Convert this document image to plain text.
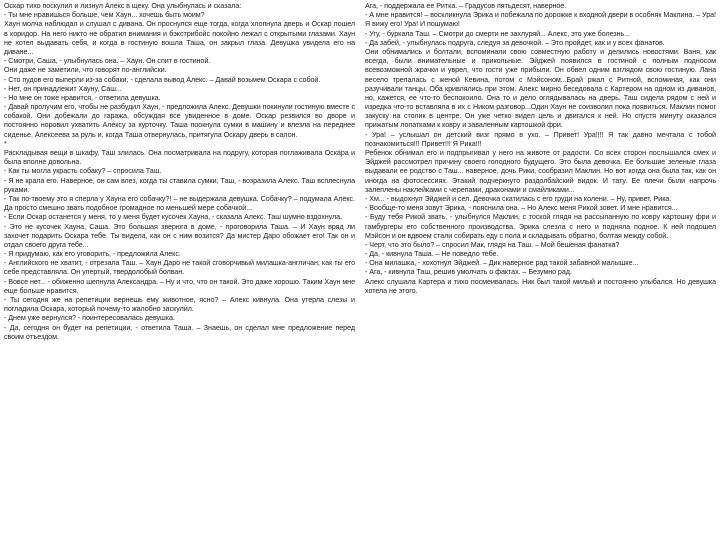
Оскар тихо поскулил и лизнул Алекс в щеку. Она улыбнулась и сказала:

- Ты мне нравишься больше, чем Хаун... хочешь быть моим?

Хаун молча наблюдал и слушал с дивана. Он проснулся еще тогда, когда хлопнула дверь и Оскар пошел в коридор. На него никто не обратил внимания и бэкстрибойс покойно лежал с открытыми глазами. Хаун не хотел выдавать себя, и когда в гостиную вошла Таша, он закрыл глаза. Девушка увидела его на диване...

- Смотри, Саша, - улыбнулась она. – Хаун. Он спит в гостиной.

Они даже не заметили, что говорят по-английски.

- Сто пудов его выперли из-за собаки, - сделала вывод Алекс. – Давай возьмем Оскара с собой.

- Нет, он принадлежит Хауну, Саш...

- Но мне он тоже нравится, - ответила девушка.

- Давай пролучим его, чтобы не разбудил Хаун, - предложила Алекс. Девушки покинули гостиную вместе с собакой. Они добежали до гаража, обсуждая все увиденное в доме. Оскар резвился во дворе и постоянно норовил ухватить Алексу за курточку. Таша поокнула сумки в машину и влезла на переднее сиденье. Алексеева за руль и, когда Таша отвернулась, притягула Оскару дверь в салон.

*

Раскладывая вещи в шкафу, Таш злилась. Она посматривала на подругу, которая поглаживала Оскара и была вполне довольна.

- Как ты могла украсть собаку? – спросила Таш.

- Я не крала его. Наверное, он сам влез, когда ты ставила сумки, Таш, - возразила Алекс. Таш всплеснула руками.

- Так по-твоему это я сперла у Хауна его собачку?! – не выдержала девушка. Собачку? – подумала Алекс. Да просто смешно звать подобное громадное по меньшей мере собачкой...

- Если Оскар останется у меня, то у меня будет кусочек Хауна, - сказала Алекс. Таш шумно вздохнула.

- Это не кусочек Хауна, Саша. Это большая зверюга в доме, - проговорила Таша. – И Хаун вряд ли захочет подарить Оскара тебе. Ты видела, как он с ним возится? Да мистер Даро обожает его! Так он и отдал своего друга тебе...

- Я придумаю, как его уговорить, - предложила Алекс.

- Английского не хватит, - отрезала Таш. – Хаун Даро не такой сговорчивый милашка-англичан, как ты его себе представляла. Он упертый, твердолобый болван.

- Вовсе нет... - обиженно шепнула Александра. – Ну и что, что он такой. Это даже хорошо. Таким Хаун мне еще больше нравится.

- Ты сегодня же на репетиции вернешь ему животное, ясно? – Алекс кивнула. Она утерла слезы и погладила Оскара, который почему-то жалобно заскулил.

- Днем уже вернулся? - поинтересовалась девушка.

- Да, сегодня он будет на репетиции, - ответила Таша. – Знаешь, он сделал мне предложение перед своим отъездом.

Ага, - поддержала ее Ритка. – Градусов пятьдесят, наверное.

- А мне нравится! – воскликнула Эрика и побежала по дорожке к входной двери в особняк Маклина. – Ура! Я вижу его! Ура! И пошумаю!

- Угу, - буркала Таш. – Смотри до смерти не захлуряй... Алекс, это уже болезнь...

- Да забей, - улыбнулась подруга, следуя за девочкой. – Это пройдет, как и у всех фанатов.

Они обнимались и болтали, вспоминали свою совместную работу и делились новостями. Ваня, как всегда, были внимательные и прикольные. Эйджей появился в гостиной с полным подносом всевозможной жрачки и уврел, что гости уже прибыли. Он обвел одним взглядом свою гостиную. Лана весело трепалась с женой Кевина, потом с Мэйсоном...Брай ржал с Ритной, вспоминая, как они разучивали танцы. Оба кривлялись при этом. Алекс мирно беседовала с Картером на одном из диванов, но, кажется, ее что-то беспокоило. Она то и дело оглядывалась на дверь. Таш сидела рядом с ней и изредка что-то вставляла в их с Ником разговор...Один Хаун не соизволил пока появиться. Маклин помог закуску на столик в центре. Он уже четко видел цель и двигался к ней. Но спустя минуту оказался прижатым лопатками к ковру и заваленным картошкой фри.

- Ура! – услышал он детский визг прямо в ухо. – Привет! Ура!!!! Я так давно мечтала с тобой познакомиться!!! Привет!!! Я Рика!!!

Ребенок обнимал его и подпрыгивал у него на животе от радости. Со всех сторон послышался смех и Эйджей рассмотрел причину своего голодного будущего. Это была девочка. Ее большие зеленые глаза выдавали ее родство с Таш... наверное, дочь Рики, сообразил Маклин. Но вот когда она была так, как он иногда на фотосессиях. Этакий подчеркнуто раздолбайский видок. И тату. Ее плечи были напрочь залеплены наклейками с черепами, драконами и смайликами...

- Хм... - выдохнул Эйджей и сел. Девочка скатилась с его груди на колени. – Ну, привет, Рика.

- Вообще-то меня зовут Эрика, - пояснила она. – Но Алекс меня Рикой зовет. И мне нравится...

- Буду тебя Рикой звать, - улыбнулся Маклин, с тоской глядя на рассыпанную по ковру картошку фри и гамбургеры его собственного производства. Эрика слезла с него и подняла подное. К ней подошел Мэйсон и он вдвоем стали собирать еду с пола и складывать обратно, болтая между собой.

- Черт, что это было? – спросил Мак, глядя на Таш. – Мой бешеная фанатка?

- Да, - кивнула Таша. – Не поведло тебе.

- Она милашка, - хохотнул Эйджей. – Дик наверное рад такой забавной малышке...

- Ага, - кивнула Таш, решив умолчать о фактах. – Безумно рад.

Алекс слушала Картера и тихо посмеивалась. Ник был такой милый и постоянно улыбался. Но девушка хотела не этого.
